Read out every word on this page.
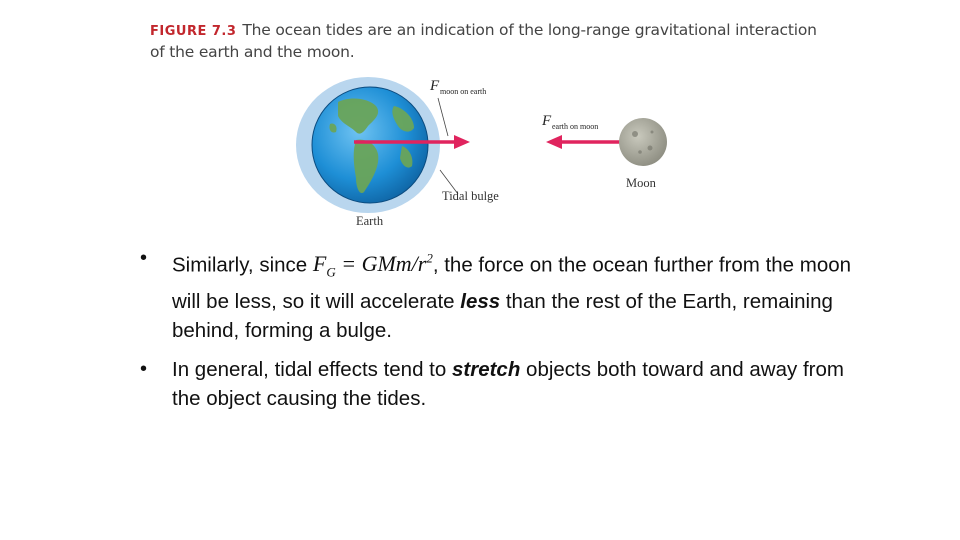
FIGURE 7.3 The ocean tides are an indication of the long-range gravitational interaction of the earth and the moon.
F moon on earth
F earth on moon
Tidal bulge
Moon
Earth
• Similarly, since $F_G = GMm/r^2$, the force on the ocean further from the moon will be less, so it will accelerate less than the rest of the Earth, remaining behind, forming a bulge.
• In general, tidal effects tend to stretch objects both toward and away from the object causing the tides.
